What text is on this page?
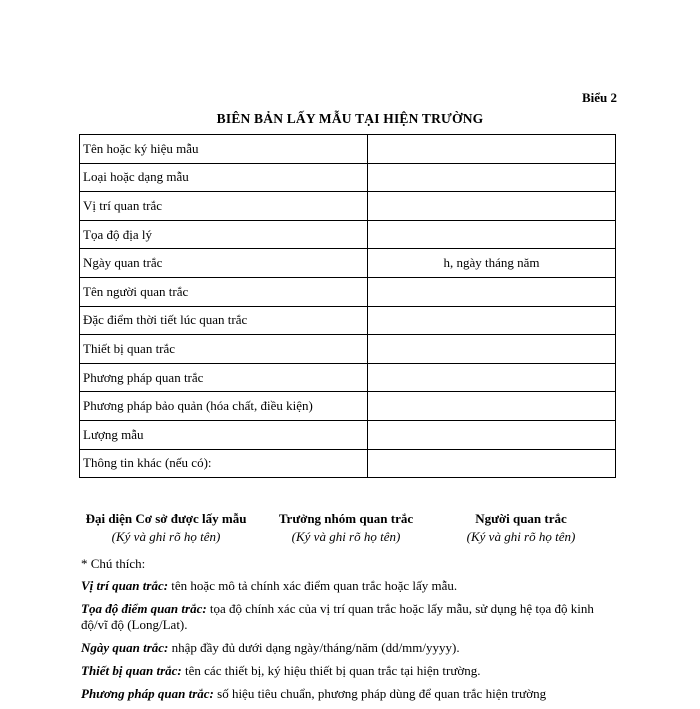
Biểu 2
BIÊN BẢN LẤY MẪU TẠI HIỆN TRƯỜNG
Tên hoặc ký hiệu mẫu	
Loại hoặc dạng mẫu	
Vị trí quan trắc	
Tọa độ địa lý	
Ngày quan trắc	h, ngày tháng năm
Tên người quan trắc	
Đặc điểm thời tiết lúc quan trắc	
Thiết bị quan trắc	
Phương pháp quan trắc	
Phương pháp bảo quản (hóa chất, điều kiện)	
Lượng mẫu	
Thông tin khác (nếu có):	
Đại diện Cơ sở được lấy mẫu
(Ký và ghi rõ họ tên)
Trưởng nhóm quan trắc
(Ký và ghi rõ họ tên)
Người quan trắc
(Ký và ghi rõ họ tên)
* Chú thích:
Vị trí quan trắc: tên hoặc mô tả chính xác điểm quan trắc hoặc lấy mẫu.
Tọa độ điểm quan trắc: tọa độ chính xác của vị trí quan trắc hoặc lấy mẫu, sử dụng hệ tọa độ kinh độ/vĩ độ (Long/Lat).
Ngày quan trắc: nhập đầy đủ dưới dạng ngày/tháng/năm (dd/mm/yyyy).
Thiết bị quan trắc: tên các thiết bị, ký hiệu thiết bị quan trắc tại hiện trường.
Phương pháp quan trắc: số hiệu tiêu chuẩn, phương pháp dùng để quan trắc hiện trường
